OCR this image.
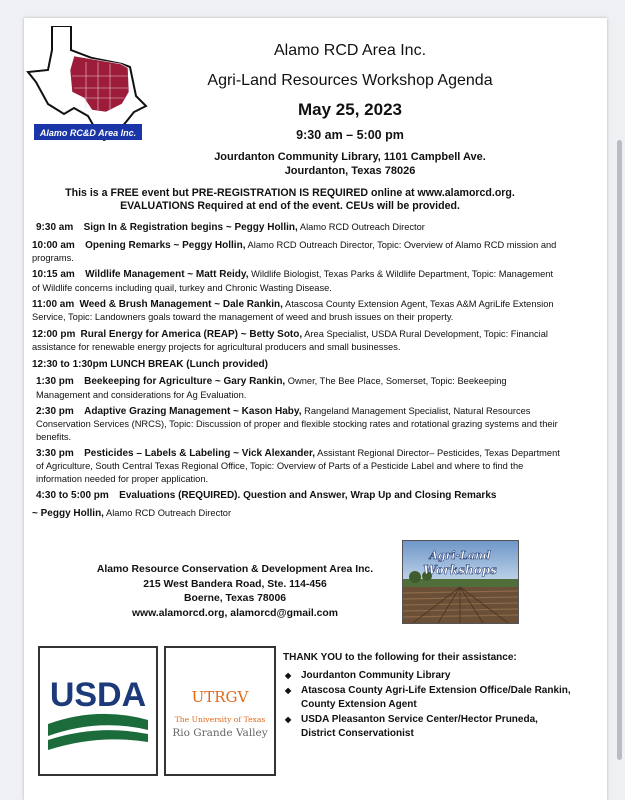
Alamo RC&D Area Inc.
Alamo RCD Area Inc.
Agri-Land Resources Workshop Agenda
May 25, 2023
9:30 am – 5:00 pm
Jourdanton Community Library, 1101 Campbell Ave.
Jourdanton, Texas 78026
This is a FREE event but PRE-REGISTRATION IS REQUIRED online at www.alamorcd.org.
EVALUATIONS Required at end of the event. CEUs will be provided.
9:30 am Sign In & Registration begins ~ Peggy Hollin, Alamo RCD Outreach Director
10:00 am Opening Remarks ~ Peggy Hollin, Alamo RCD Outreach Director, Topic: Overview of Alamo RCD mission and programs.
10:15 am Wildlife Management ~ Matt Reidy, Wildlife Biologist, Texas Parks & Wildlife Department, Topic: Management of Wildlife concerns including quail, turkey and Chronic Wasting Disease.
11:00 am Weed & Brush Management ~ Dale Rankin, Atascosa County Extension Agent, Texas A&M AgriLife Extension Service, Topic: Landowners goals toward the management of weed and brush issues on their property.
12:00 pm Rural Energy for America (REAP) ~ Betty Soto, Area Specialist, USDA Rural Development, Topic: Financial assistance for renewable energy projects for agricultural producers and small businesses.
12:30 to 1:30pm LUNCH BREAK (Lunch provided)
1:30 pm Beekeeping for Agriculture ~ Gary Rankin, Owner, The Bee Place, Somerset, Topic: Beekeeping Management and considerations for Ag Evaluation.
2:30 pm Adaptive Grazing Management ~ Kason Haby, Rangeland Management Specialist, Natural Resources Conservation Services (NRCS), Topic: Discussion of proper and flexible stocking rates and rotational grazing systems and their benefits.
3:30 pm Pesticides – Labels & Labeling ~ Vick Alexander, Assistant Regional Director– Pesticides, Texas Department of Agriculture, South Central Texas Regional Office, Topic: Overview of Parts of a Pesticide Label and where to find the information needed for proper application.
4:30 to 5:00 pm Evaluations (REQUIRED). Question and Answer, Wrap Up and Closing Remarks
~ Peggy Hollin, Alamo RCD Outreach Director
Alamo Resource Conservation & Development Area Inc.
215 West Bandera Road, Ste. 114-456
Boerne, Texas 78006
www.alamorcd.org, alamorcd@gmail.com
Agri-Land
Workshops
USDA	UTRGV
The University of Texas
Rio Grande Valley
THANK YOU to the following for their assistance:
◆ Jourdanton Community Library
◆ Atascosa County Agri-Life Extension Office/Dale Rankin, County Extension Agent
◆ USDA Pleasanton Service Center/Hector Pruneda, District Conservationist
